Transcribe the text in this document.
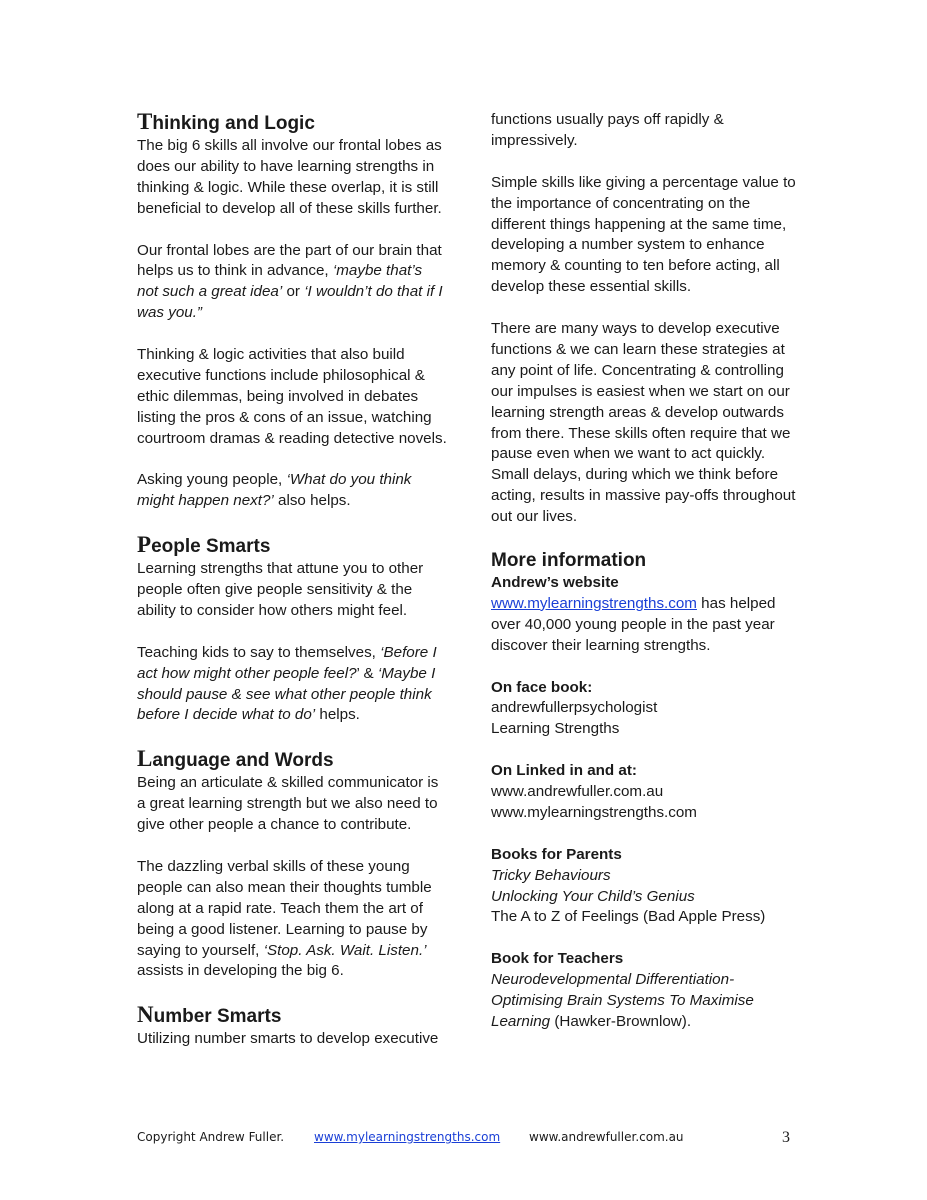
Thinking and Logic

The big 6 skills all involve our frontal lobes as does our ability to have learning strengths in thinking & logic. While these overlap, it is still beneficial to develop all of these skills further.

Our frontal lobes are the part of our brain that helps us to think in advance, ‘maybe that’s not such a great idea’ or ‘I wouldn’t do that if I was you.”

Thinking & logic activities that also build executive functions include philosophical & ethic dilemmas, being involved in debates listing the pros & cons of an issue, watching courtroom dramas & reading detective novels.

Asking young people, ‘What do you think might happen next?’ also helps.

People Smarts

Learning strengths that attune you to other people often give people sensitivity & the ability to consider how others might feel.

Teaching kids to say to themselves, ‘Before I act how might other people feel?’ & ‘Maybe I should pause & see what other people think before I decide what to do’ helps.

Language and Words

Being an articulate & skilled communicator is a great learning strength but we also need to give other people a chance to contribute.

The dazzling verbal skills of these young people can also mean their thoughts tumble along at a rapid rate. Teach them the art of being a good listener. Learning to pause by saying to yourself, ‘Stop. Ask. Wait. Listen.’ assists in developing the big 6.

Number Smarts

Utilizing number smarts to develop executive

functions usually pays off rapidly & impressively.

Simple skills like giving a percentage value to the importance of concentrating on the different things happening at the same time, developing a number system to enhance memory & counting to ten before acting, all develop these essential skills.

There are many ways to develop executive functions & we can learn these strategies at any point of life. Concentrating & controlling our impulses is easiest when we start on our learning strength areas & develop outwards from there. These skills often require that we pause even when we want to act quickly. Small delays, during which we think before acting, results in massive pay-offs throughout out our lives.

More information

Andrew’s website
www.mylearningstrengths.com has helped over 40,000 young people in the past year discover their learning strengths.

On face book:
andrewfullerpsychologist
Learning Strengths

On Linked in and at:
www.andrewfuller.com.au
www.mylearningstrengths.com

Books for Parents
Tricky Behaviours
Unlocking Your Child’s Genius
The A to Z of Feelings (Bad Apple Press)

Book for Teachers
Neurodevelopmental Differentiation- Optimising Brain Systems To Maximise Learning (Hawker-Brownlow).

Copyright Andrew Fuller. www.mylearningstrengths.com www.andrewfuller.com.au	3
